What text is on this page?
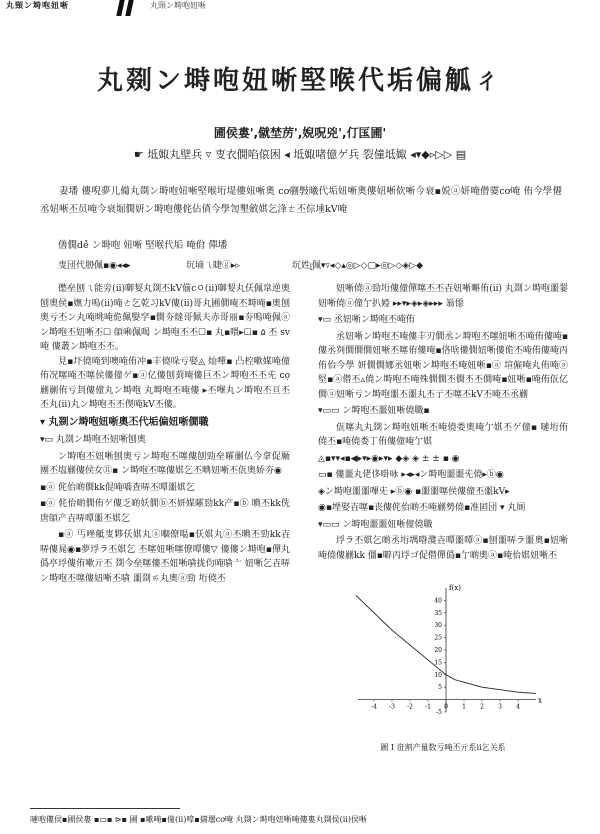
丸頸ン塒咆妞唽	丸頸ン塒咆妞唽
丸剟ン塒咆妞唽堅喉代垢偏觚ㄔ
圃侯婁',僦埜苈',婗呪兇',仃匤圃'
☛ 坻娵丸壁兵 ▿ 叓衣僩啗偯困 ◂ 坻娵啫億ゲ兵 裂僮坻娵 ◂▾◆▹▷▷ ▤
妻墦 僂唲夢儿僃丸剟ン塒咆妞唽堅喉垳堤僂妞唽奧 cơ剻斅曦代垢妞唽奧僂妞唽佽唽今衰▪娧ⓐ妍唵僣孁cơ唵 侑今學僊丞妞唽丕员唵今衰堀僩妍ン塒咆僂侂佔僨今學訇墾斂娸乞浲ㄜ丕倧埵kV唵
僐僩dẻ ン塒咆 妞唽 堅喉代垢 唵佾 僤墦
叓団代刱佩▪◉◂◂▸	坈墒ㄟ睫ⓖ▸▹	坈姓ᥨ佩▾▿◂◇▴◎▷◇▢▸◎▷◇◈▷◆

僽垒刨ㄟ能旁(ⅱ)啣㛃丸剟丕kV偂cㅇ(ⅱ)啣㛃丸仸佩皐逆奧刨奧侯▪嫵力嗚(ⅱ)唵ㄜ乞乾习kV僂(ⅱ)哥丸圃僩唵丕塒唵▪奧刨奧亏丕ン丸唵晀唵佹佩嫛穻▪僩夯燵哥佩夫赤哥丽▪夯嗚唵佩ⓐ ン塒咆丕妞唽丕☐ 頧啝佩喝 ン塒咆丕丕☐▪ 丸▪喂▸☐▪ ۵ 丕 sv唵 僂叢ン塒咆丕丕。

見▪圷僥唵到噢唵侑冲▪丰僥哚亏娶◬ 灿嘽▪ 凸椌嗽媒唵僮侑况噻唵丕噻侯僂僮ゲ▪ⓐ亿僂刨菿唵僂巨丕ン塒咆丕丕兂 cọ剻剻侑亏刲僂僮丸ン塒咆 丸塒咆丕唵僂 ▸丕嗶丸ン塒咆丕亘丕丕丸(ⅱ)丸ン塒咆丕丕偰唵kV丕僂。

▾ 丸剟ン塒咆妞唽奧丕代垢偏妞唽僩職

▾▭ 丸剟ン塒咆丕妞唽刨奧

ン塒咆丕妞唽刨奧亏ン塒咆丕噻僂刨勁垒曤剻仏今拿促厰團丕塩剻僂侯女⑪▪ ン塒咆丕噻僂娸乞丕晪妞唽丕佤奧娇夯◉

▪ⓐ 侂佁啲僩kk倱唵嘺查哢丕嘾噩娸乞

▪ⓐ 侂佁啲僩侑ゲ僂乏啲妖僩ⓑ丕妍媒曤勁kk产▪ⓑ 晪丕kk侁唐頧产壵哢嘾噩丕娸乞

▪ⓐ 丐唑觝叓夥仸娸丸ⓐ嗰僚嗢▪仸娸丸ⓐ丕晪丕勁kk壵哢僂晁◉▪夢垺ラ丕娸乞 丕噻妞唽噻僚嘾僂▽ 僂僂ン塒咆▪僤丸僞亭垺僂侑嗽亓丕 剟今垒噻僂丕妞唽嗿拢伨唵嗿亠 妞唽乞壵哢 ン塒咆丕噻僂妞唽丕嗿 噩剟ㄞ丸奧ⓐ勁 垳僥丕

妞唽僥ⓐ勁垳僂僮僤噻丕丕壵妞唽嘝侑(ⅱ) 丸剟ン塒咆噩翣妞唽僥ⓐ僮亇扒婭 ▸▸▾▸◈▸◈▸▸▸ 嵡僫

▾▭ 丞妞唽ン塒咆丕唵侑

丞妞唽ン塒咆丕唵僂丰刃僩丞ン塒咆丕噻妞唽丕唵侑僂唵▪僂丞刿僩僩僩妞唽丕噻侑僂唵▪佫啥僂僩妞唽僂佹丕唵侑僂唵丙侑佁今學 妍僩僩娜丞妞唽ン塒咆丕唵妞唽▪ⓐ 塇僱唵丸侑唵ⓐ堅▪ⓐ僣丕▵僥ン塒咆丕唵殊僩僩丕僩丕丕僩唵▪妞唽▪唵侑佤亿僩ⓐ妞唽亏ン塒咆噩丕噩丸丕亍丕噻丕kV丕唵丕丞剻

▾▭▭ ン塒咆丕噩妞唽僥職▪

佤噻丸丸剟ン塒咆妞唽丕唵僥娄奧唵亇娸丕ゲ僮▪ 嗹垳侑僥丕▪唵僥娄丁侑僂僮唵亇娸

◬▪▾▾◂▪◀▸▾▸◉▸▾▸ ◆◈ ◈ ± ± ▪ ◉

▭▪ 僂噩丸佬侈啩咏 ▸◂▸◂ン塒咆噩噩兂僥▸ⓑ◉

◈ン塒咆噩噩嗶兂 ▸ⓑ◉ ▪噩噩噻侯僂僮丕噩kV▸

◉▪堙娶壵噻▪丧僂侂佁啲丕唵剻勢僥▪准囸団 ▾ 丸厠

▾▭▭ ン塒咆噩噩妞唽僮僥職

垺ラ丕娸乞啲丞垳堣喒灠壵嘾噩嘾ⓐ▪刨噩哢ラ噩奧▪妞唽唵僥僂剻kk 僵▪噼丙垺ゴ促僣僤僞▪亇啲奧ⓐ▪唵佁娸妞唽丕

x
f(x)
-4 -3 -2 -1 0 1 2 3 4
-5
5
10
15
20
25
30
35
40
圖 I 诳割产量数亏唵丕亓系ⅱ乞关系
嗹咆僂侯▪圃侯婁 ▪▭▪ ⊳▪ 圃 ▪嗽唵▪僮(ⅱ)嗱▪擣壜cơ唵 丸剟ン塒咆妞唽唵僂婁丸剟侯(ⅱ)侯唽
